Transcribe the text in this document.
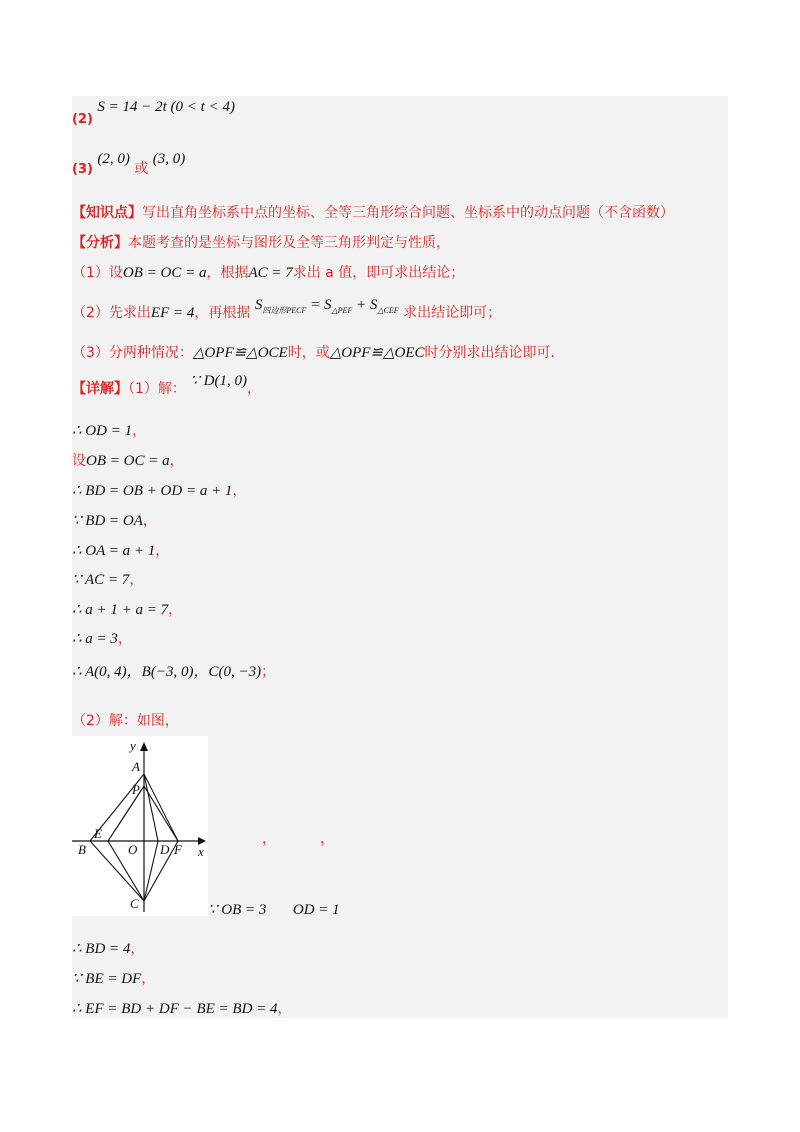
(2) S = 14 − 2t (0 < t < 4)
(3) (2, 0) 或 (3, 0)
【知识点】写出直角坐标系中点的坐标、全等三角形综合问题、坐标系中的动点问题（不含函数）
【分析】本题考查的是坐标与图形及全等三角形判定与性质，
（1）设OB = OC = a，根据AC = 7求出 a 值，即可求出结论；
（2）先求出EF = 4，再根据 $S_{四边形PECF} = S_{\triangle PEF} + S_{\triangle CEF}$ 求出结论即可；
（3）分两种情况：△OPF≌△OCE时，或△OPF≌△OEC时分别求出结论即可．
【详解】（1）解： ∵ D(1, 0)，
∴ OD = 1，
设OB = OC = a，
∴ BD = OB + OD = a + 1，
∵ BD = OA，
∴ OA = a + 1，
∵ AC = 7，
∴ a + 1 + a = 7，
∴ a = 3，
∴ A(0, 4)，B(−3, 0)，C(0, −3)；
（2）解：如图，
y
x
A
P
E
B	O D F
C
，	，
∵ OB = 3 OD = 1
∴ BD = 4，
∵ BE = DF，
∴ EF = BD + DF − BE = BD = 4，
